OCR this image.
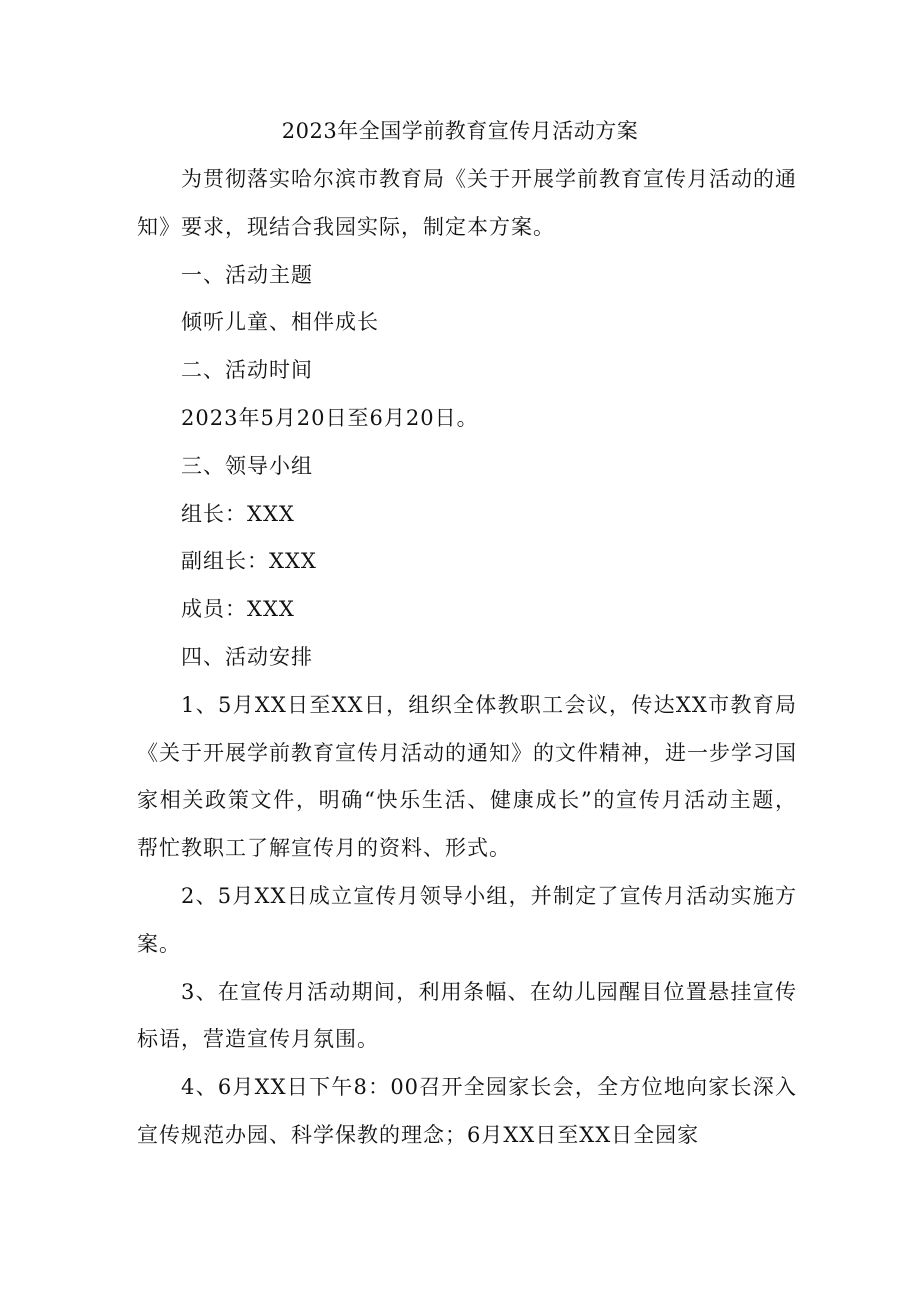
2023年全国学前教育宣传月活动方案

为贯彻落实哈尔滨市教育局《关于开展学前教育宣传月活动的通知》要求，现结合我园实际，制定本方案。

一、活动主题

倾听儿童、相伴成长

二、活动时间

2023年5月20日至6月20日。

三、领导小组

组长：XXX

副组长：XXX

成员：XXX

四、活动安排

1、5月XX日至XX日，组织全体教职工会议，传达XX市教育局《关于开展学前教育宣传月活动的通知》的文件精神，进一步学习国家相关政策文件，明确“快乐生活、健康成长”的宣传月活动主题，帮忙教职工了解宣传月的资料、形式。

2、5月XX日成立宣传月领导小组，并制定了宣传月活动实施方案。

3、在宣传月活动期间，利用条幅、在幼儿园醒目位置悬挂宣传标语，营造宣传月氛围。

4、6月XX日下午8：00召开全园家长会，全方位地向家长深入宣传规范办园、科学保教的理念；6月XX日至XX日全园家
